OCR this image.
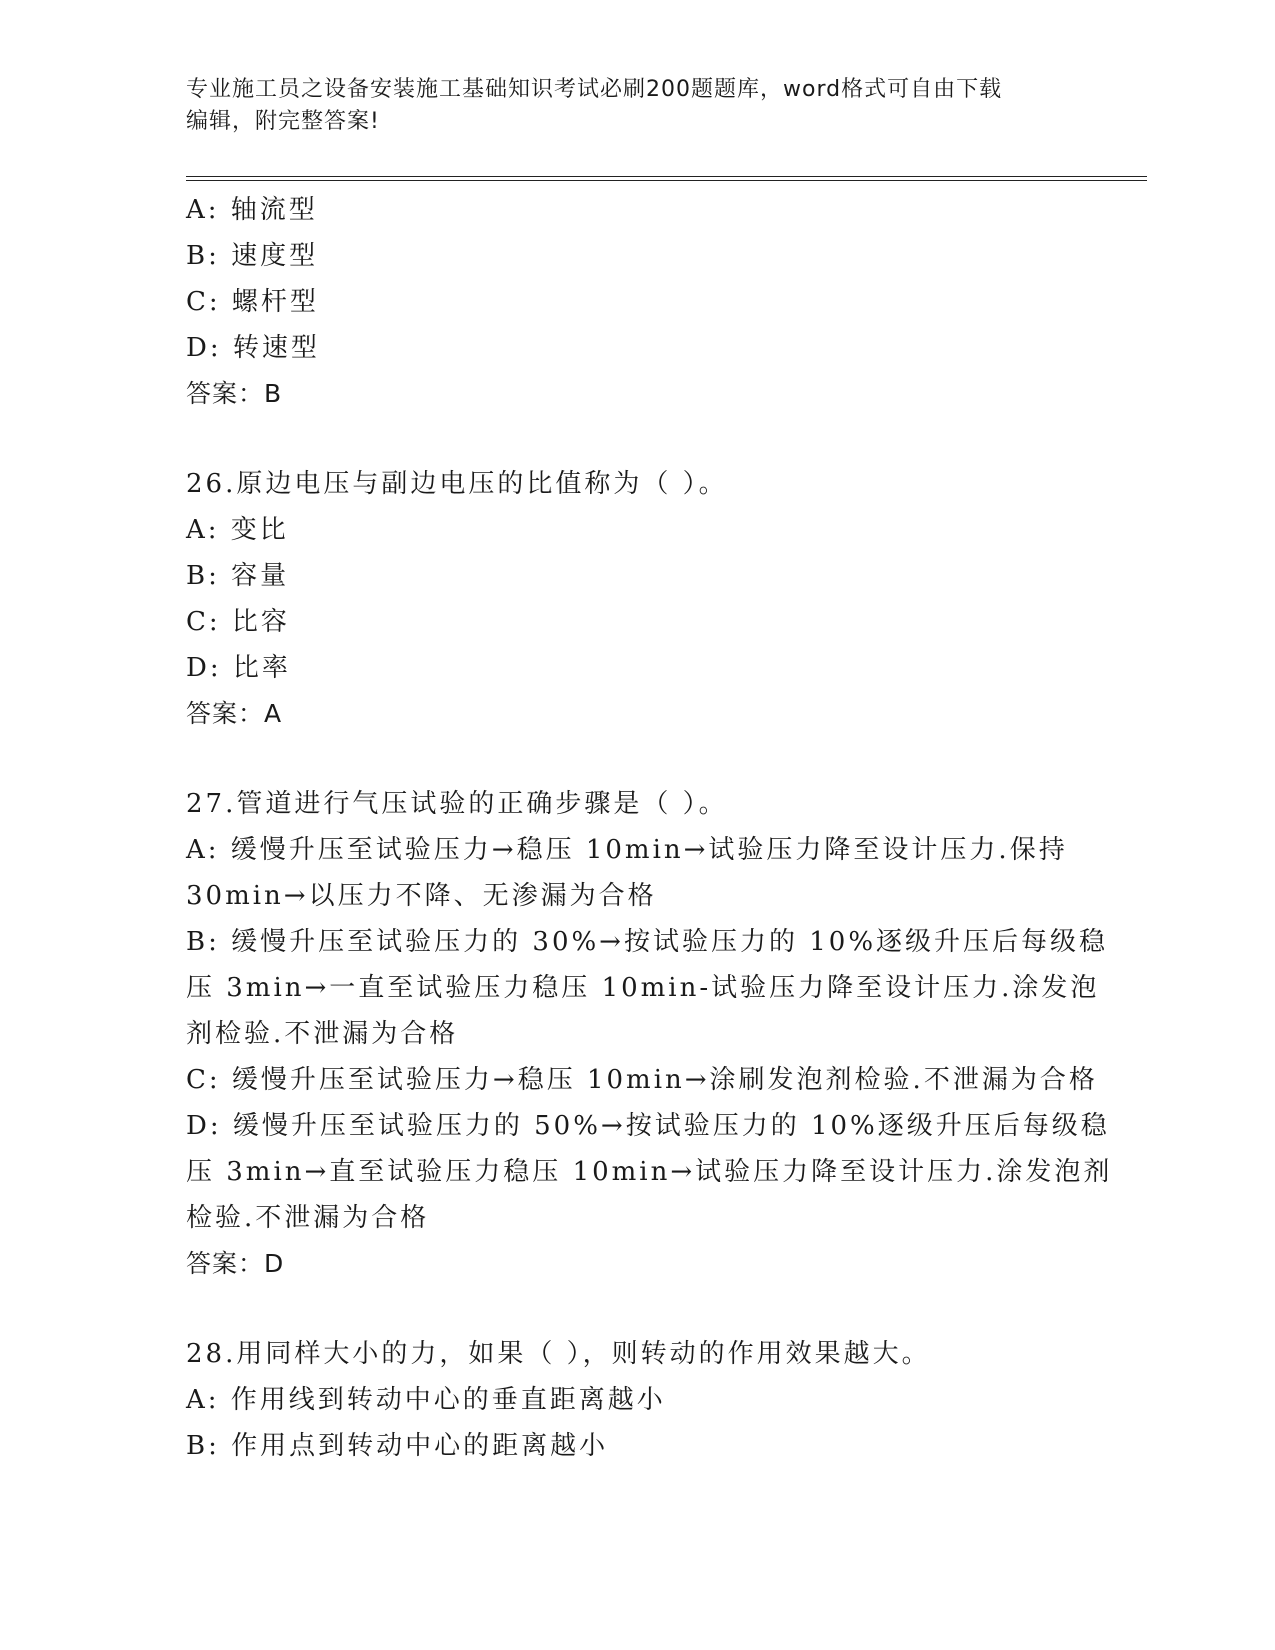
专业施工员之设备安装施工基础知识考试必刷200题题库，word格式可自由下载
编辑，附完整答案!
A: 轴流型
B: 速度型
C: 螺杆型
D: 转速型
答案：B
26.原边电压与副边电压的比值称为（ ）。
A: 变比
B: 容量
C: 比容
D: 比率
答案：A
27.管道进行气压试验的正确步骤是（ ）。
A: 缓慢升压至试验压力→稳压 10min→试验压力降至设计压力.保持
30min→以压力不降、无渗漏为合格
B: 缓慢升压至试验压力的 30%→按试验压力的 10%逐级升压后每级稳
压 3min→一直至试验压力稳压 10min-试验压力降至设计压力.涂发泡
剂检验.不泄漏为合格
C: 缓慢升压至试验压力→稳压 10min→涂刷发泡剂检验.不泄漏为合格
D: 缓慢升压至试验压力的 50%→按试验压力的 10%逐级升压后每级稳
压 3min→直至试验压力稳压 10min→试验压力降至设计压力.涂发泡剂
检验.不泄漏为合格
答案：D
28.用同样大小的力，如果（ ），则转动的作用效果越大。
A: 作用线到转动中心的垂直距离越小
B: 作用点到转动中心的距离越小
